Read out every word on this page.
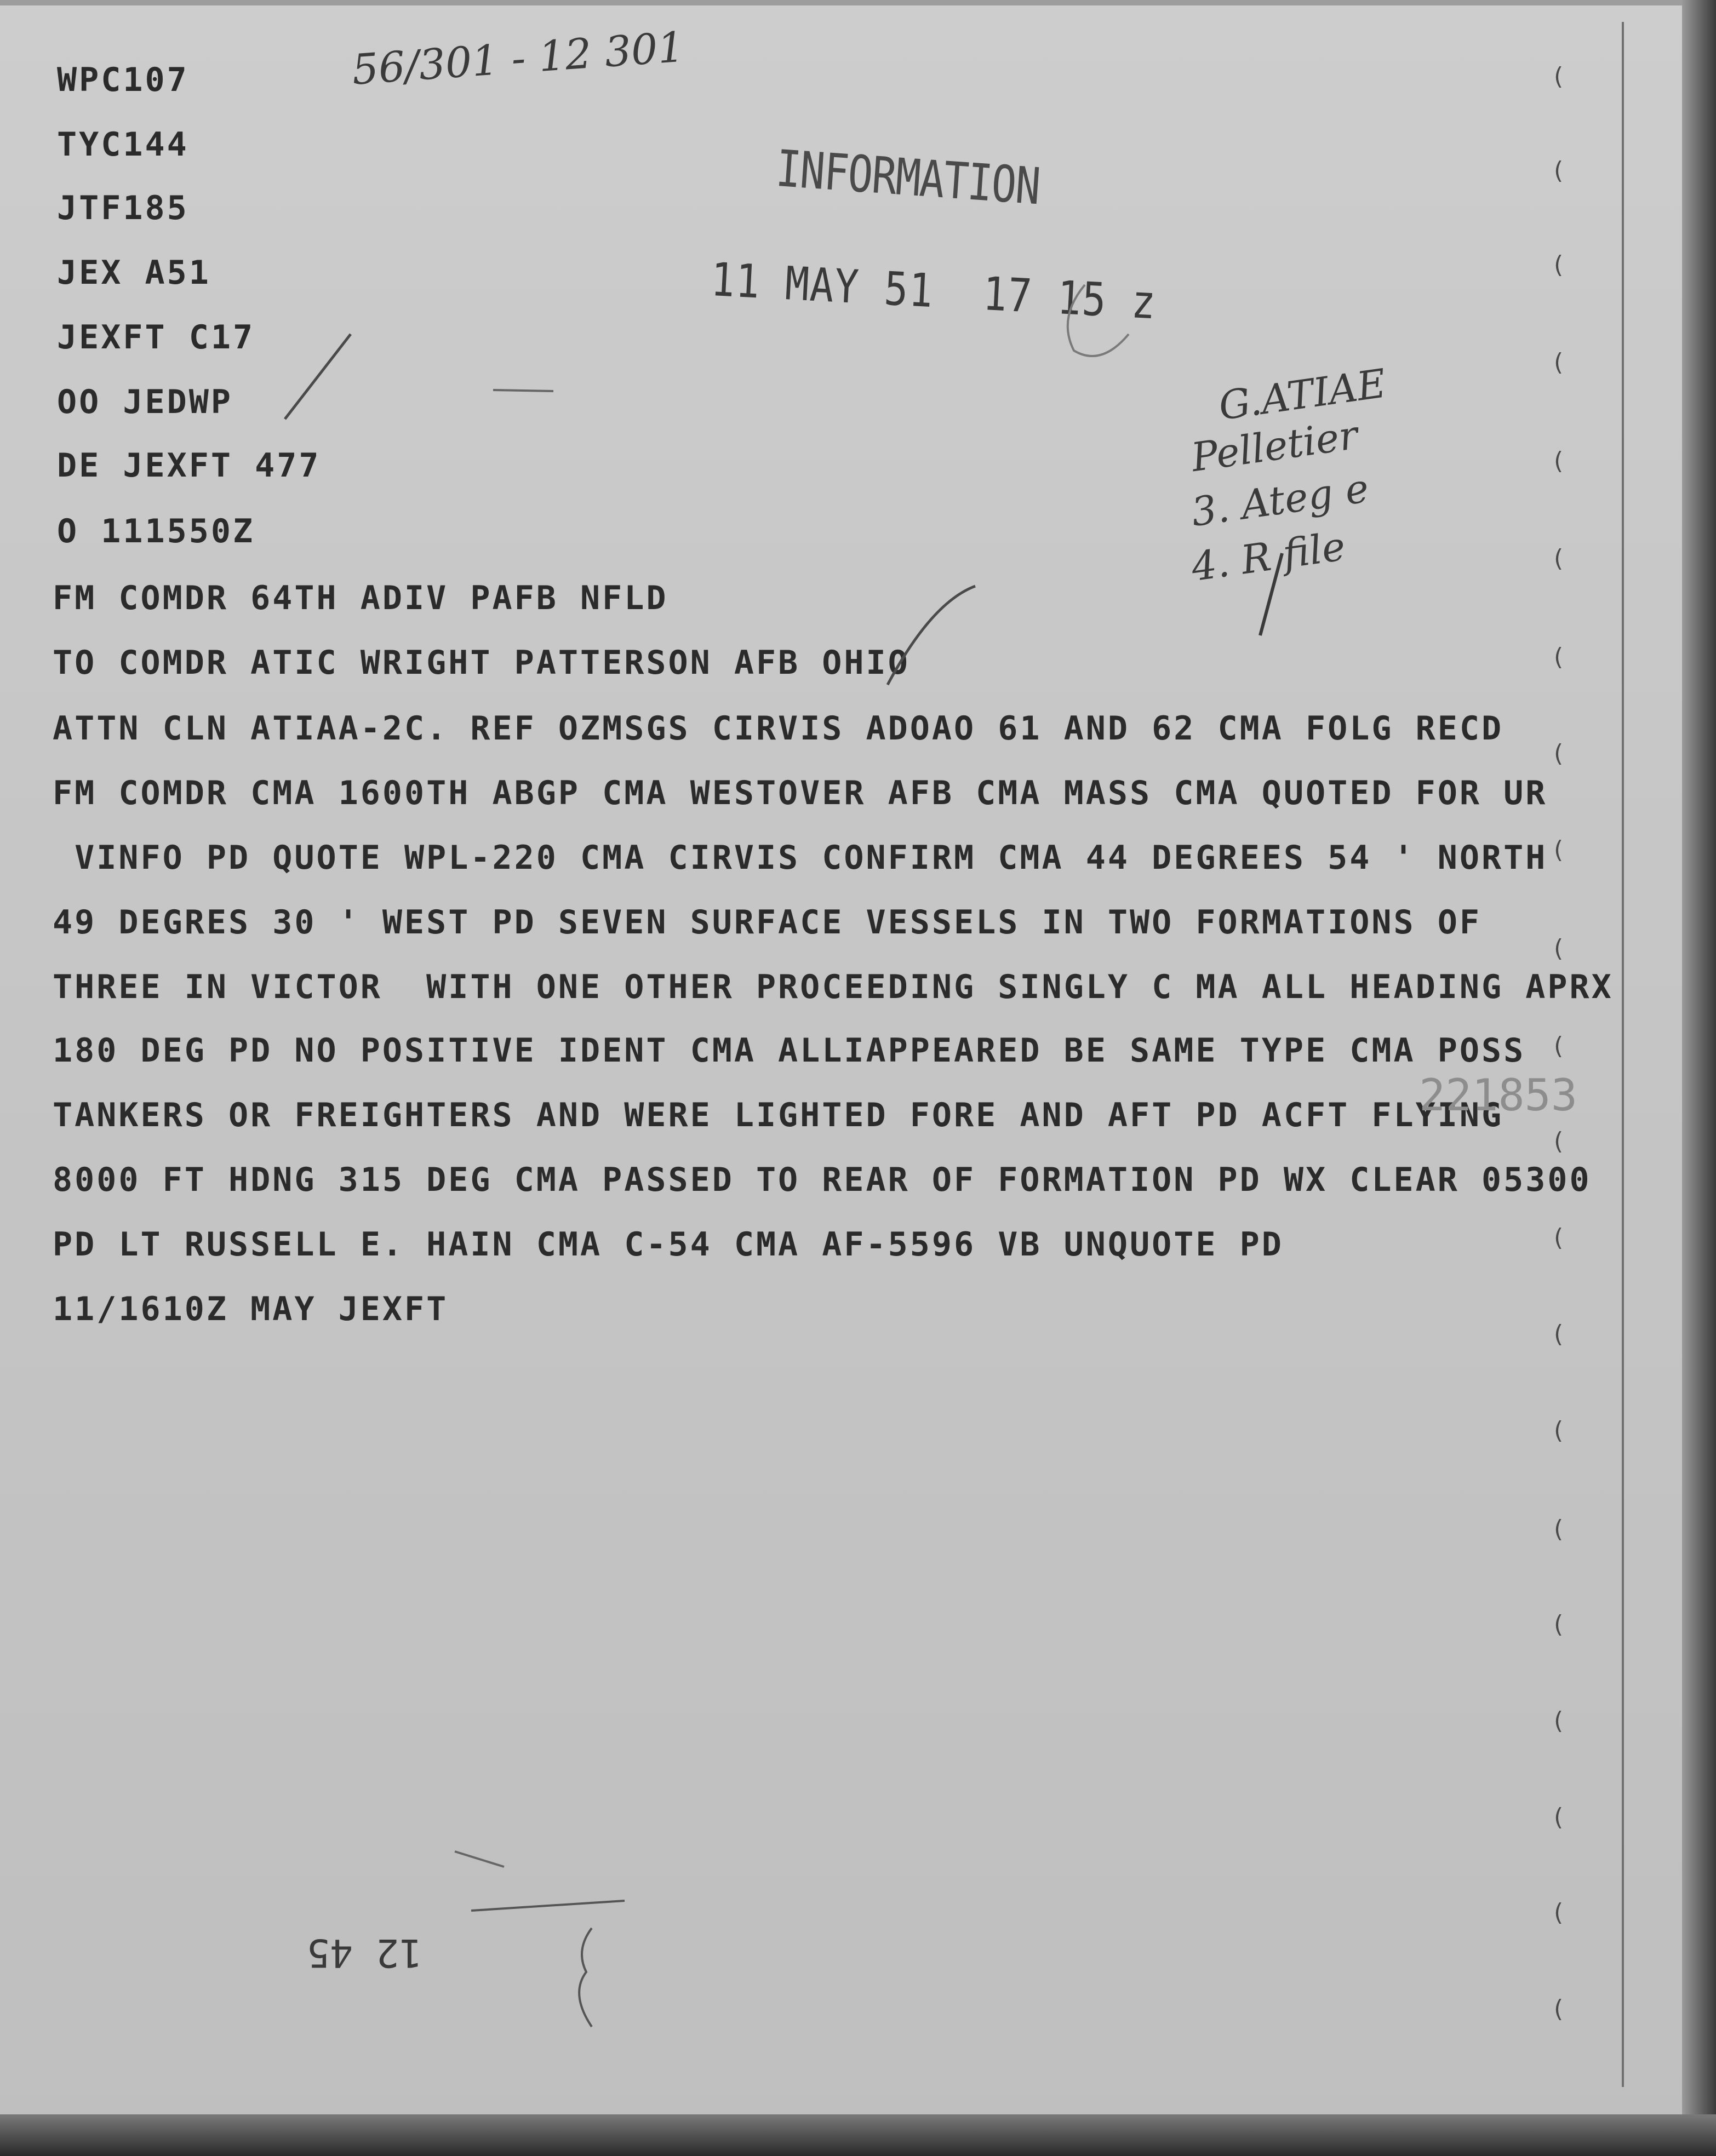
(
(
(
(
(
(
(
(
(
(
(
(
(
(
(
(
(
(
(
(
(
WPC107
TYC144
JTF185
JEX A51
JEXFT C17
OO JEDWP
DE JEXFT 477
O 111550Z
56/301 - 12 301
INFORMATION
11 MAY 51  17 15 z
G.ATIAE
Pelletier
3. Ateg e
4. R file
FM COMDR 64TH ADIV PAFB NFLD
TO COMDR ATIC WRIGHT PATTERSON AFB OHIO
ATTN CLN ATIAA-2C. REF OZMSGS CIRVIS ADOAO 61 AND 62 CMA FOLG RECD
FM COMDR CMA 1600TH ABGP CMA WESTOVER AFB CMA MASS CMA QUOTED FOR UR
VINFO PD QUOTE WPL-220 CMA CIRVIS CONFIRM CMA 44 DEGREES 54 ' NORTH
49 DEGRES 30 ' WEST PD SEVEN SURFACE VESSELS IN TWO FORMATIONS OF
THREE IN VICTOR  WITH ONE OTHER PROCEEDING SINGLY C MA ALL HEADING APRX
180 DEG PD NO POSITIVE IDENT CMA ALLIAPPEARED BE SAME TYPE CMA POSS
TANKERS OR FREIGHTERS AND WERE LIGHTED FORE AND AFT PD ACFT FLYING
8000 FT HDNG 315 DEG CMA PASSED TO REAR OF FORMATION PD WX CLEAR 05300
PD LT RUSSELL E. HAIN CMA C-54 CMA AF-5596 VB UNQUOTE PD
11/1610Z MAY JEXFT
221853
12 45
